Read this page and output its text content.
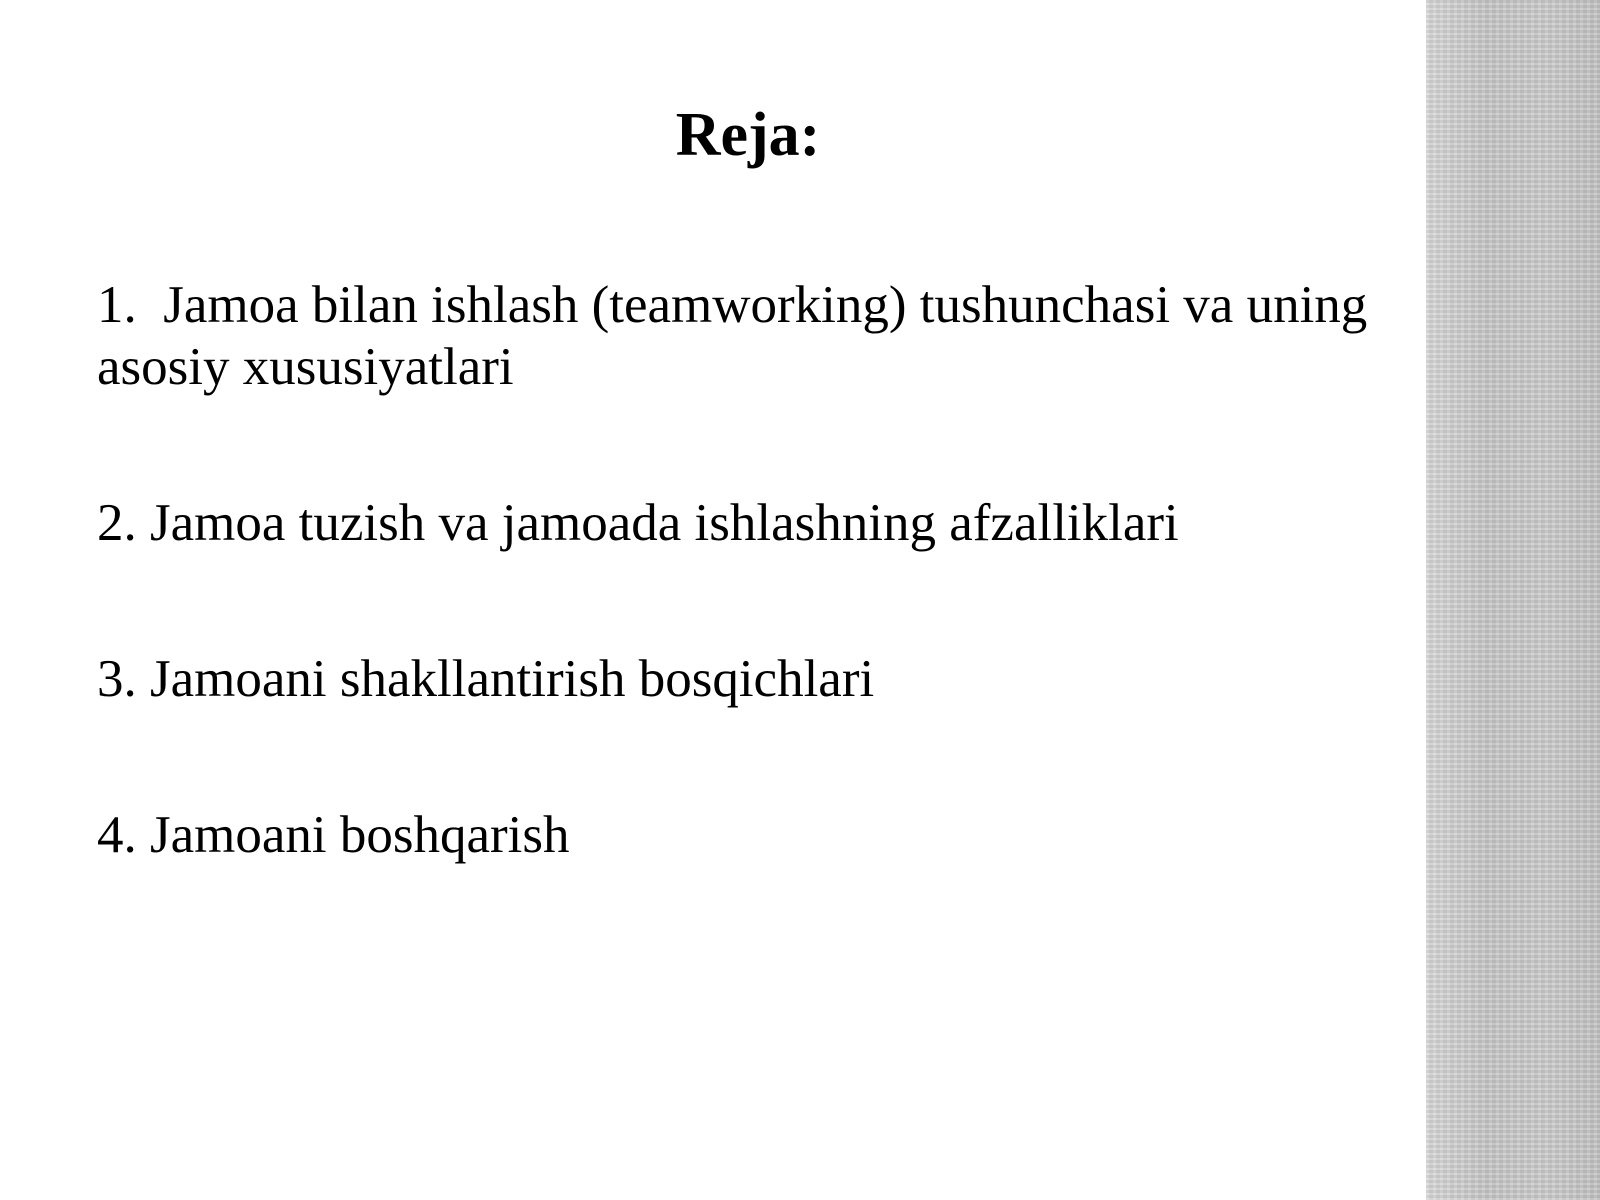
Reja:
1.  Jamoa bilan ishlash (teamworking) tushunchasi va uning asosiy xususiyatlari
2. Jamoa tuzish va jamoada ishlashning afzalliklari
3. Jamoani shakllantirish bosqichlari
4. Jamoani boshqarish
